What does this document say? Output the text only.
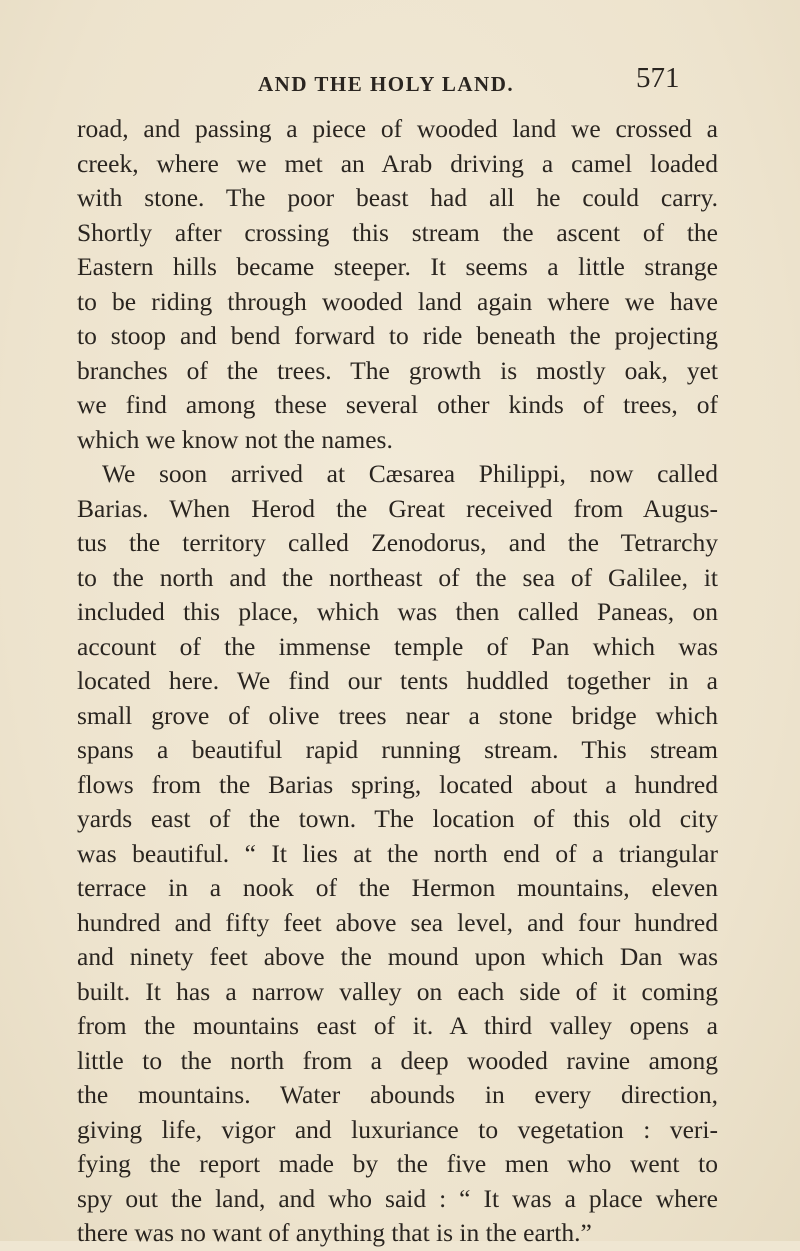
AND THE HOLY LAND.	571
road, and passing a piece of wooded land we crossed a
creek, where we met an Arab driving a camel loaded
with stone. The poor beast had all he could carry.
Shortly after crossing this stream the ascent of the
Eastern hills became steeper. It seems a little strange
to be riding through wooded land again where we have
to stoop and bend forward to ride beneath the projecting
branches of the trees. The growth is mostly oak, yet
we find among these several other kinds of trees, of
which we know not the names.
We soon arrived at Cæsarea Philippi, now called
Barias. When Herod the Great received from Augus-
tus the territory called Zenodorus, and the Tetrarchy
to the north and the northeast of the sea of Galilee, it
included this place, which was then called Paneas, on
account of the immense temple of Pan which was
located here. We find our tents huddled together in a
small grove of olive trees near a stone bridge which
spans a beautiful rapid running stream. This stream
flows from the Barias spring, located about a hundred
yards east of the town. The location of this old city
was beautiful. “ It lies at the north end of a triangular
terrace in a nook of the Hermon mountains, eleven
hundred and fifty feet above sea level, and four hundred
and ninety feet above the mound upon which Dan was
built. It has a narrow valley on each side of it coming
from the mountains east of it. A third valley opens a
little to the north from a deep wooded ravine among
the mountains. Water abounds in every direction,
giving life, vigor and luxuriance to vegetation : veri-
fying the report made by the five men who went to
spy out the land, and who said : “ It was a place where
there was no want of anything that is in the earth.”
